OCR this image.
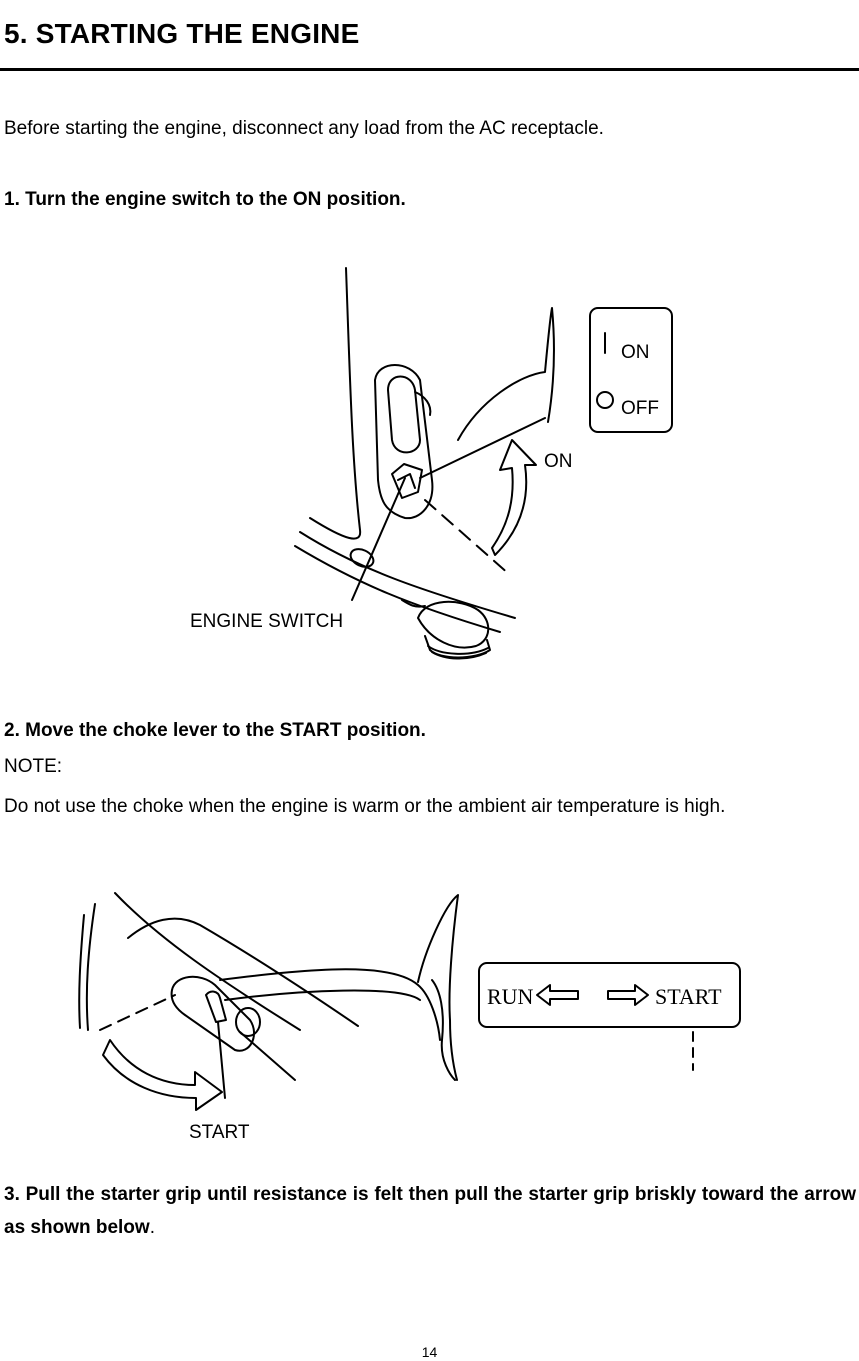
5. STARTING THE ENGINE
Before starting the engine, disconnect any load from the AC receptacle.
1. Turn the engine switch to the ON position.
ON
OFF
ON
ENGINE SWITCH
2. Move the choke lever to the START position.
NOTE:
Do not use the choke when the engine is warm or the ambient air temperature is high.
RUN	START
START
3. Pull the starter grip until resistance is felt then pull the starter grip briskly toward the arrow as shown below.
14
